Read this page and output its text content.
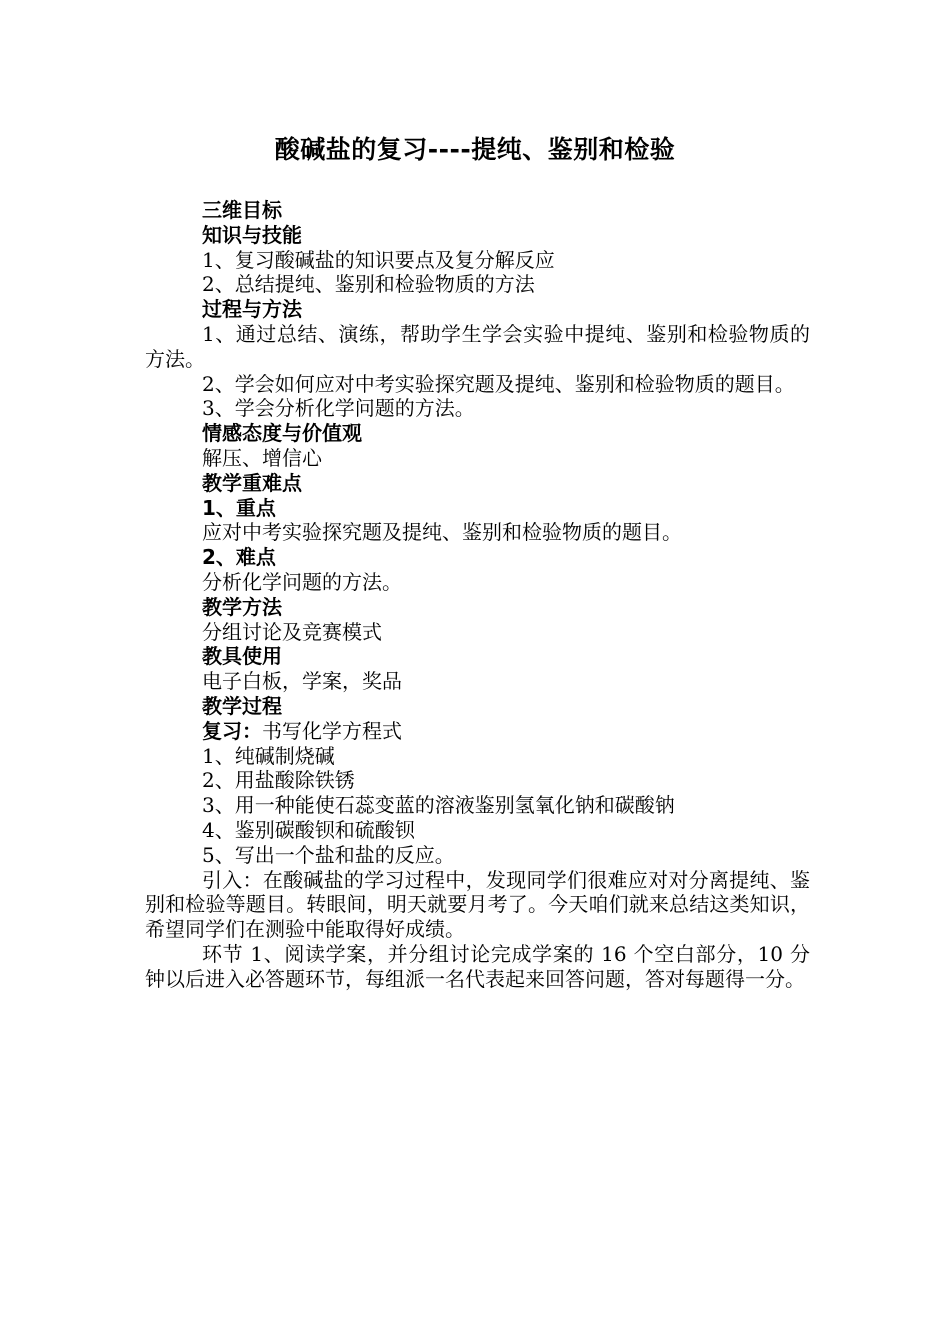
酸碱盐的复习----提纯、鉴别和检验

三维目标

知识与技能

1、复习酸碱盐的知识要点及复分解反应

2、总结提纯、鉴别和检验物质的方法

过程与方法

1、通过总结、演练，帮助学生学会实验中提纯、鉴别和检验物质的方法。

2、学会如何应对中考实验探究题及提纯、鉴别和检验物质的题目。

3、学会分析化学问题的方法。

情感态度与价值观

解压、增信心

教学重难点

1、重点

应对中考实验探究题及提纯、鉴别和检验物质的题目。

2、难点

分析化学问题的方法。

教学方法

分组讨论及竞赛模式

教具使用

电子白板，学案，奖品

教学过程

复习：书写化学方程式

1、纯碱制烧碱

2、用盐酸除铁锈

3、用一种能使石蕊变蓝的溶液鉴别氢氧化钠和碳酸钠

4、鉴别碳酸钡和硫酸钡

5、写出一个盐和盐的反应。

引入：在酸碱盐的学习过程中，发现同学们很难应对对分离提纯、鉴别和检验等题目。转眼间，明天就要月考了。今天咱们就来总结这类知识，希望同学们在测验中能取得好成绩。

环节 1、阅读学案，并分组讨论完成学案的 16 个空白部分，10 分钟以后进入必答题环节，每组派一名代表起来回答问题，答对每题得一分。
